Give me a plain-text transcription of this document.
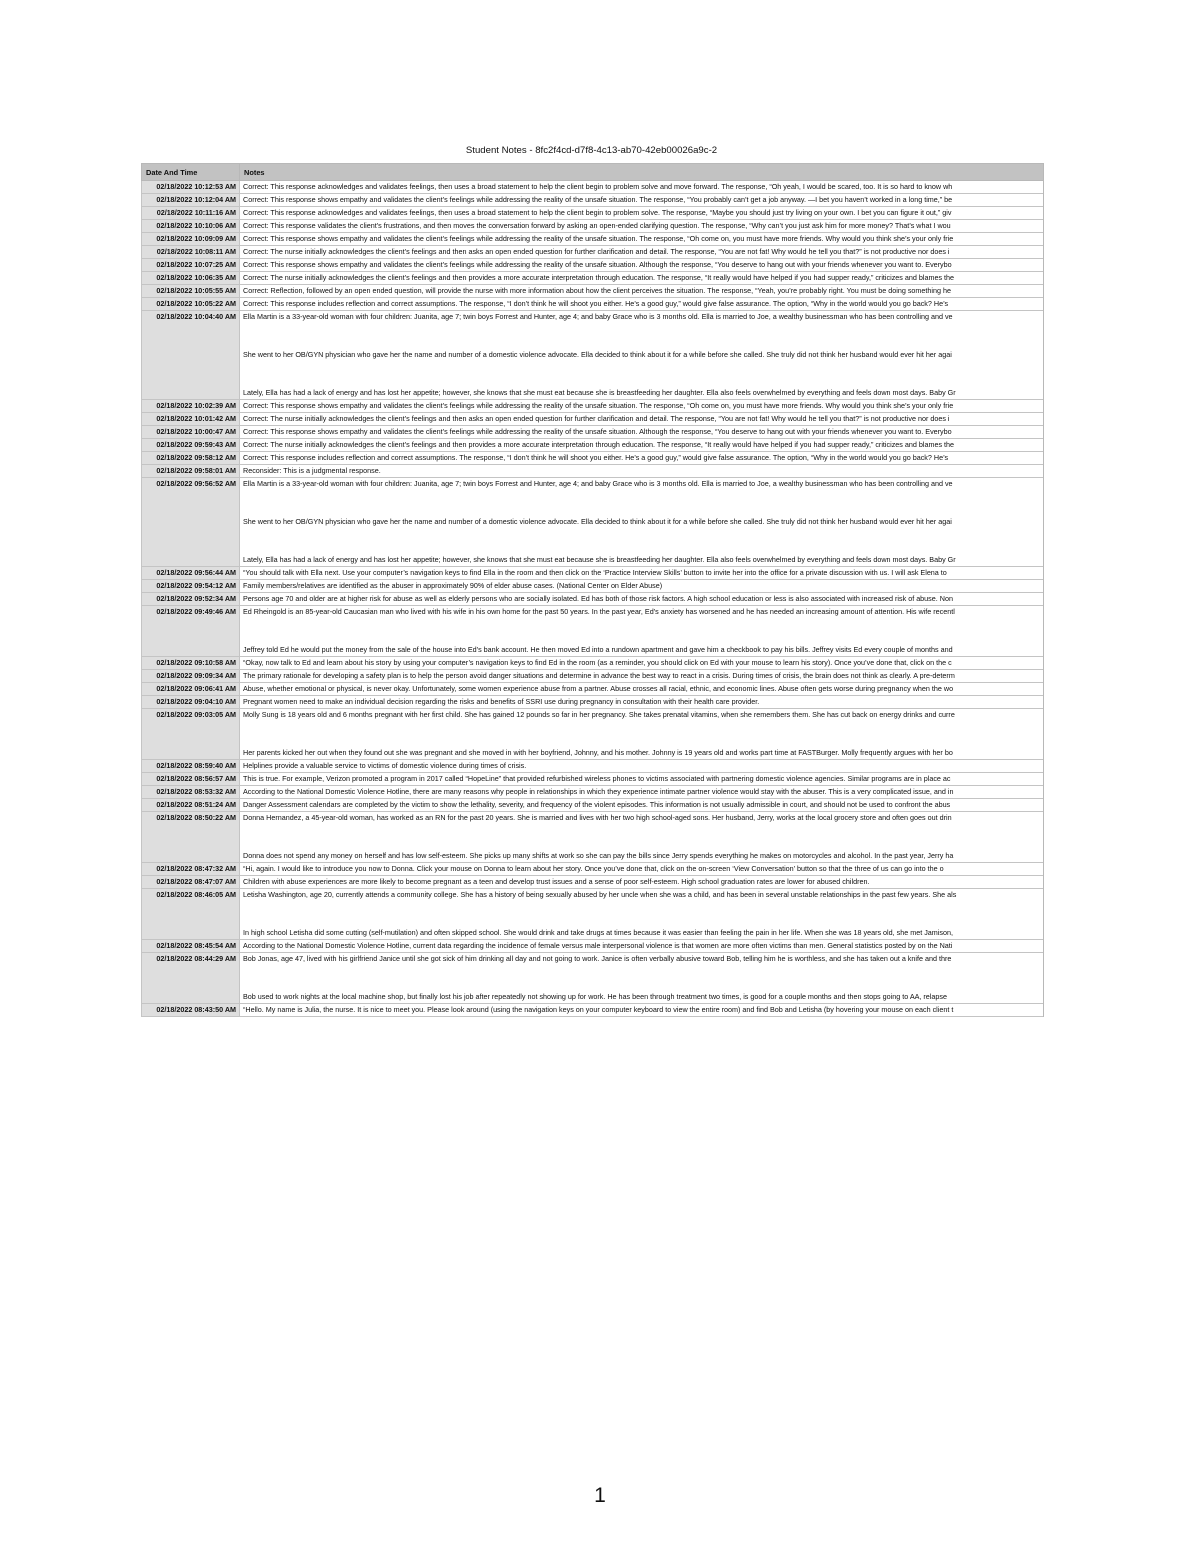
Student Notes - 8fc2f4cd-d7f8-4c13-ab70-42eb00026a9c-2
Date And Time	Notes
02/18/2022 10:12:53 AM	Correct: This response acknowledges and validates feelings, then uses a broad statement to help the client begin to problem solve and move forward. The response, “Oh yeah, I would be scared, too. It is so hard to know wh

02/18/2022 10:12:04 AM	Correct: This response shows empathy and validates the client’s feelings while addressing the reality of the unsafe situation. The response, “You probably can’t get a job anyway. —I bet you haven’t worked in a long time,” be

02/18/2022 10:11:16 AM	Correct: This response acknowledges and validates feelings, then uses a broad statement to help the client begin to problem solve. The response, “Maybe you should just try living on your own. I bet you can figure it out,” giv

02/18/2022 10:10:06 AM	Correct: This response validates the client’s frustrations, and then moves the conversation forward by asking an open-ended clarifying question. The response, “Why can’t you just ask him for more money? That’s what I wou

02/18/2022 10:09:09 AM	Correct: This response shows empathy and validates the client’s feelings while addressing the reality of the unsafe situation. The response, “Oh come on, you must have more friends. Why would you think she’s your only frie

02/18/2022 10:08:11 AM	Correct: The nurse initially acknowledges the client’s feelings and then asks an open ended question for further clarification and detail. The response, “You are not fat! Why would he tell you that?” is not productive nor does i

02/18/2022 10:07:25 AM	Correct: This response shows empathy and validates the client’s feelings while addressing the reality of the unsafe situation. Although the response, “You deserve to hang out with your friends whenever you want to. Everybo

02/18/2022 10:06:35 AM	Correct: The nurse initially acknowledges the client’s feelings and then provides a more accurate interpretation through education. The response, “It really would have helped if you had supper ready,” criticizes and blames the

02/18/2022 10:05:55 AM	Correct: Reflection, followed by an open ended question, will provide the nurse with more information about how the client perceives the situation. The response, “Yeah, you’re probably right. You must be doing something he

02/18/2022 10:05:22 AM	Correct: This response includes reflection and correct assumptions. The response, “I don’t think he will shoot you either. He’s a good guy,” would give false assurance. The option, “Why in the world would you go back? He’s

02/18/2022 10:04:40 AM	Ella Martin is a 33-year-old woman with four children: Juanita, age 7; twin boys Forrest and Hunter, age 4; and baby Grace who is 3 months old. Ella is married to Joe, a wealthy businessman who has been controlling and ve
She went to her OB/GYN physician who gave her the name and number of a domestic violence advocate. Ella decided to think about it for a while before she called. She truly did not think her husband would ever hit her agai
Lately, Ella has had a lack of energy and has lost her appetite; however, she knows that she must eat because she is breastfeeding her daughter. Ella also feels overwhelmed by everything and feels down most days. Baby Gr

02/18/2022 10:02:39 AM	Correct: This response shows empathy and validates the client’s feelings while addressing the reality of the unsafe situation. The response, “Oh come on, you must have more friends. Why would you think she’s your only frie

02/18/2022 10:01:42 AM	Correct: The nurse initially acknowledges the client’s feelings and then asks an open ended question for further clarification and detail. The response, “You are not fat! Why would he tell you that?” is not productive nor does i

02/18/2022 10:00:47 AM	Correct: This response shows empathy and validates the client’s feelings while addressing the reality of the unsafe situation. Although the response, “You deserve to hang out with your friends whenever you want to. Everybo

02/18/2022 09:59:43 AM	Correct: The nurse initially acknowledges the client’s feelings and then provides a more accurate interpretation through education. The response, “It really would have helped if you had supper ready,” criticizes and blames the

02/18/2022 09:58:12 AM	Correct: This response includes reflection and correct assumptions. The response, “I don’t think he will shoot you either. He’s a good guy,” would give false assurance. The option, “Why in the world would you go back? He’s

02/18/2022 09:58:01 AM	Reconsider: This is a judgmental response.

02/18/2022 09:56:52 AM	Ella Martin is a 33-year-old woman with four children: Juanita, age 7; twin boys Forrest and Hunter, age 4; and baby Grace who is 3 months old. Ella is married to Joe, a wealthy businessman who has been controlling and ve
She went to her OB/GYN physician who gave her the name and number of a domestic violence advocate. Ella decided to think about it for a while before she called. She truly did not think her husband would ever hit her agai
Lately, Ella has had a lack of energy and has lost her appetite; however, she knows that she must eat because she is breastfeeding her daughter. Ella also feels overwhelmed by everything and feels down most days. Baby Gr

02/18/2022 09:56:44 AM	“You should talk with Ella next. Use your computer’s navigation keys to find Ella in the room and then click on the ‘Practice Interview Skills’ button to invite her into the office for a private discussion with us. I will ask Elena to

02/18/2022 09:54:12 AM	Family members/relatives are identified as the abuser in approximately 90% of elder abuse cases. (National Center on Elder Abuse)

02/18/2022 09:52:34 AM	Persons age 70 and older are at higher risk for abuse as well as elderly persons who are socially isolated. Ed has both of those risk factors. A high school education or less is also associated with increased risk of abuse. Non

02/18/2022 09:49:46 AM	Ed Rheingold is an 85-year-old Caucasian man who lived with his wife in his own home for the past 50 years. In the past year, Ed’s anxiety has worsened and he has needed an increasing amount of attention. His wife recentl
Jeffrey told Ed he would put the money from the sale of the house into Ed’s bank account. He then moved Ed into a rundown apartment and gave him a checkbook to pay his bills. Jeffrey visits Ed every couple of months and

02/18/2022 09:10:58 AM	“Okay, now talk to Ed and learn about his story by using your computer’s navigation keys to find Ed in the room (as a reminder, you should click on Ed with your mouse to learn his story). Once you’ve done that, click on the c

02/18/2022 09:09:34 AM	The primary rationale for developing a safety plan is to help the person avoid danger situations and determine in advance the best way to react in a crisis. During times of crisis, the brain does not think as clearly. A pre-determ

02/18/2022 09:06:41 AM	Abuse, whether emotional or physical, is never okay. Unfortunately, some women experience abuse from a partner. Abuse crosses all racial, ethnic, and economic lines. Abuse often gets worse during pregnancy when the wo

02/18/2022 09:04:10 AM	Pregnant women need to make an individual decision regarding the risks and benefits of SSRI use during pregnancy in consultation with their health care provider.

02/18/2022 09:03:05 AM	Molly Sung is 18 years old and 6 months pregnant with her first child. She has gained 12 pounds so far in her pregnancy. She takes prenatal vitamins, when she remembers them. She has cut back on energy drinks and curre
Her parents kicked her out when they found out she was pregnant and she moved in with her boyfriend, Johnny, and his mother. Johnny is 19 years old and works part time at FASTBurger. Molly frequently argues with her bo

02/18/2022 08:59:40 AM	Helplines provide a valuable service to victims of domestic violence during times of crisis.

02/18/2022 08:56:57 AM	This is true. For example, Verizon promoted a program in 2017 called “HopeLine” that provided refurbished wireless phones to victims associated with partnering domestic violence agencies. Similar programs are in place ac

02/18/2022 08:53:32 AM	According to the National Domestic Violence Hotline, there are many reasons why people in relationships in which they experience intimate partner violence would stay with the abuser. This is a very complicated issue, and in

02/18/2022 08:51:24 AM	Danger Assessment calendars are completed by the victim to show the lethality, severity, and frequency of the violent episodes. This information is not usually admissible in court, and should not be used to confront the abus

02/18/2022 08:50:22 AM	Donna Hernandez, a 45-year-old woman, has worked as an RN for the past 20 years. She is married and lives with her two high school-aged sons. Her husband, Jerry, works at the local grocery store and often goes out drin
Donna does not spend any money on herself and has low self-esteem. She picks up many shifts at work so she can pay the bills since Jerry spends everything he makes on motorcycles and alcohol. In the past year, Jerry ha

02/18/2022 08:47:32 AM	“Hi, again. I would like to introduce you now to Donna. Click your mouse on Donna to learn about her story. Once you’ve done that, click on the on-screen ‘View Conversation’ button so that the three of us can go into the o

02/18/2022 08:47:07 AM	Children with abuse experiences are more likely to become pregnant as a teen and develop trust issues and a sense of poor self-esteem. High school graduation rates are lower for abused children.

02/18/2022 08:46:05 AM	Letisha Washington, age 20, currently attends a community college. She has a history of being sexually abused by her uncle when she was a child, and has been in several unstable relationships in the past few years. She als
In high school Letisha did some cutting (self-mutilation) and often skipped school. She would drink and take drugs at times because it was easier than feeling the pain in her life. When she was 18 years old, she met Jamison,

02/18/2022 08:45:54 AM	According to the National Domestic Violence Hotline, current data regarding the incidence of female versus male interpersonal violence is that women are more often victims than men. General statistics posted by on the Nati

02/18/2022 08:44:29 AM	Bob Jonas, age 47, lived with his girlfriend Janice until she got sick of him drinking all day and not going to work. Janice is often verbally abusive toward Bob, telling him he is worthless, and she has taken out a knife and thre
Bob used to work nights at the local machine shop, but finally lost his job after repeatedly not showing up for work. He has been through treatment two times, is good for a couple months and then stops going to AA, relapse

02/18/2022 08:43:50 AM	“Hello. My name is Julia, the nurse. It is nice to meet you. Please look around (using the navigation keys on your computer keyboard to view the entire room) and find Bob and Letisha (by hovering your mouse on each client t
1
